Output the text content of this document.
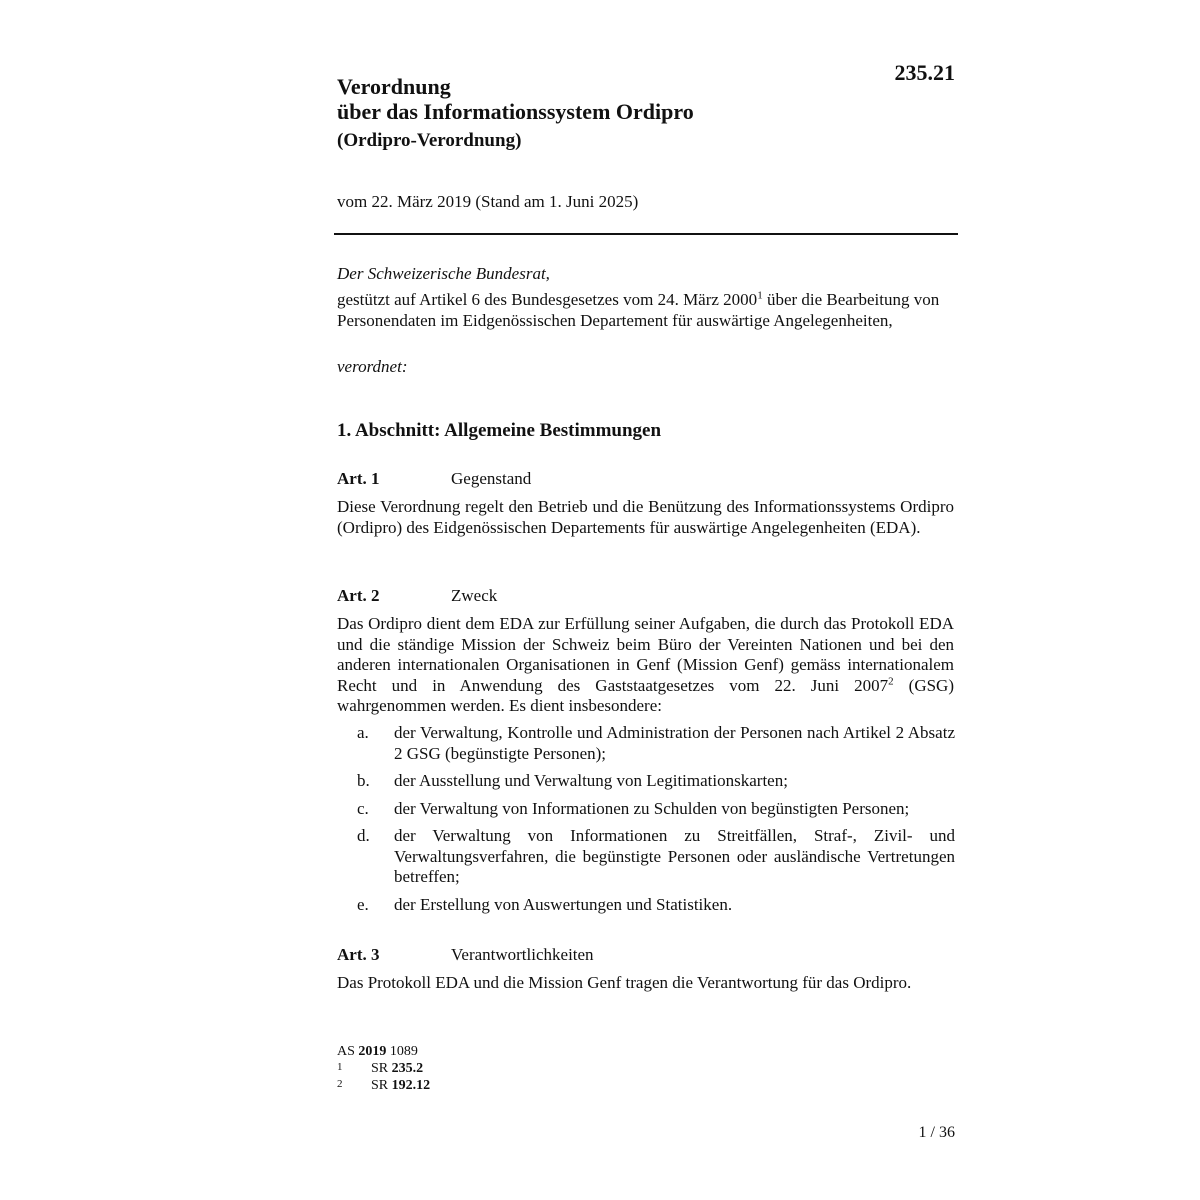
235.21
Verordnung
über das Informationssystem Ordipro
(Ordipro-Verordnung)
vom 22. März 2019 (Stand am 1. Juni 2025)
Der Schweizerische Bundesrat,
gestützt auf Artikel 6 des Bundesgesetzes vom 24. März 2000$^1$ über die Bearbeitung von Personendaten im Eidgenössischen Departement für auswärtige Angelegenheiten,
verordnet:
1. Abschnitt: Allgemeine Bestimmungen
Art. 1	Gegenstand
Diese Verordnung regelt den Betrieb und die Benützung des Informationssystems Ordipro (Ordipro) des Eidgenössischen Departements für auswärtige Angelegenheiten (EDA).
Art. 2	Zweck
Das Ordipro dient dem EDA zur Erfüllung seiner Aufgaben, die durch das Protokoll EDA und die ständige Mission der Schweiz beim Büro der Vereinten Nationen und bei den anderen internationalen Organisationen in Genf (Mission Genf) gemäss internationalem Recht und in Anwendung des Gaststaatgesetzes vom 22. Juni 2007$^2$ (GSG) wahrgenommen werden. Es dient insbesondere:
a.	der Verwaltung, Kontrolle und Administration der Personen nach Artikel 2 Absatz 2 GSG (begünstigte Personen);
b.	der Ausstellung und Verwaltung von Legitimationskarten;
c.	der Verwaltung von Informationen zu Schulden von begünstigten Personen;
d.	der Verwaltung von Informationen zu Streitfällen, Straf-, Zivil- und Verwaltungsverfahren, die begünstigte Personen oder ausländische Vertretungen betreffen;
e.	der Erstellung von Auswertungen und Statistiken.
Art. 3	Verantwortlichkeiten
Das Protokoll EDA und die Mission Genf tragen die Verantwortung für das Ordipro.
AS 2019 1089
1	SR 235.2
2	SR 192.12
1 / 36
